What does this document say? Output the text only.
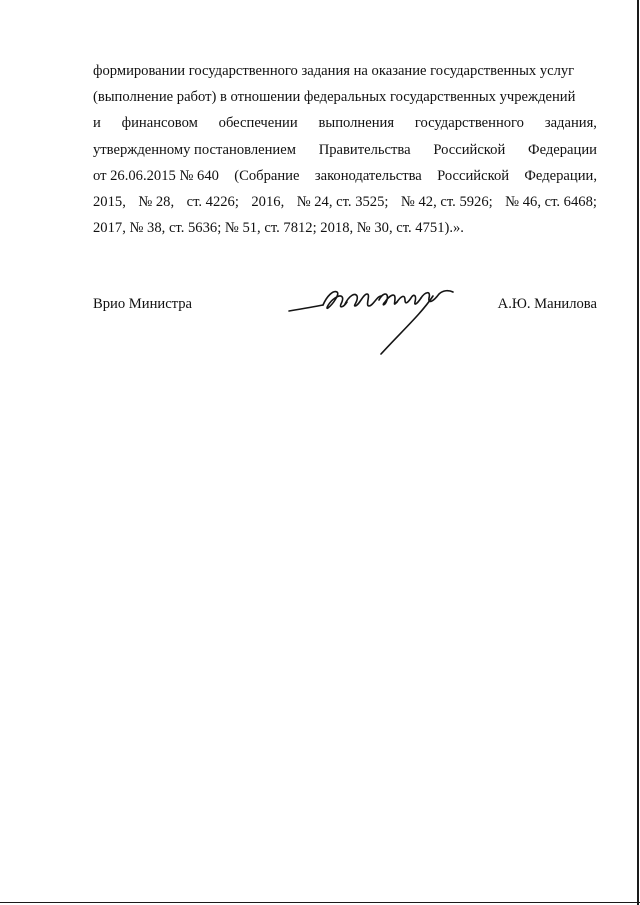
формировании государственного задания на оказание государственных услуг
(выполнение работ) в отношении федеральных государственных учреждений
и финансовом обеспечении выполнения государственного задания,
утвержденному постановлением Правительства Российской Федерации
от 26.06.2015 № 640 (Собрание законодательства Российской Федерации,
2015, № 28, ст. 4226; 2016, № 24, ст. 3525; № 42, ст. 5926; № 46, ст. 6468;
2017, № 38, ст. 5636; № 51, ст. 7812; 2018, № 30, ст. 4751).».
Врио Министра	А.Ю. Манилова
